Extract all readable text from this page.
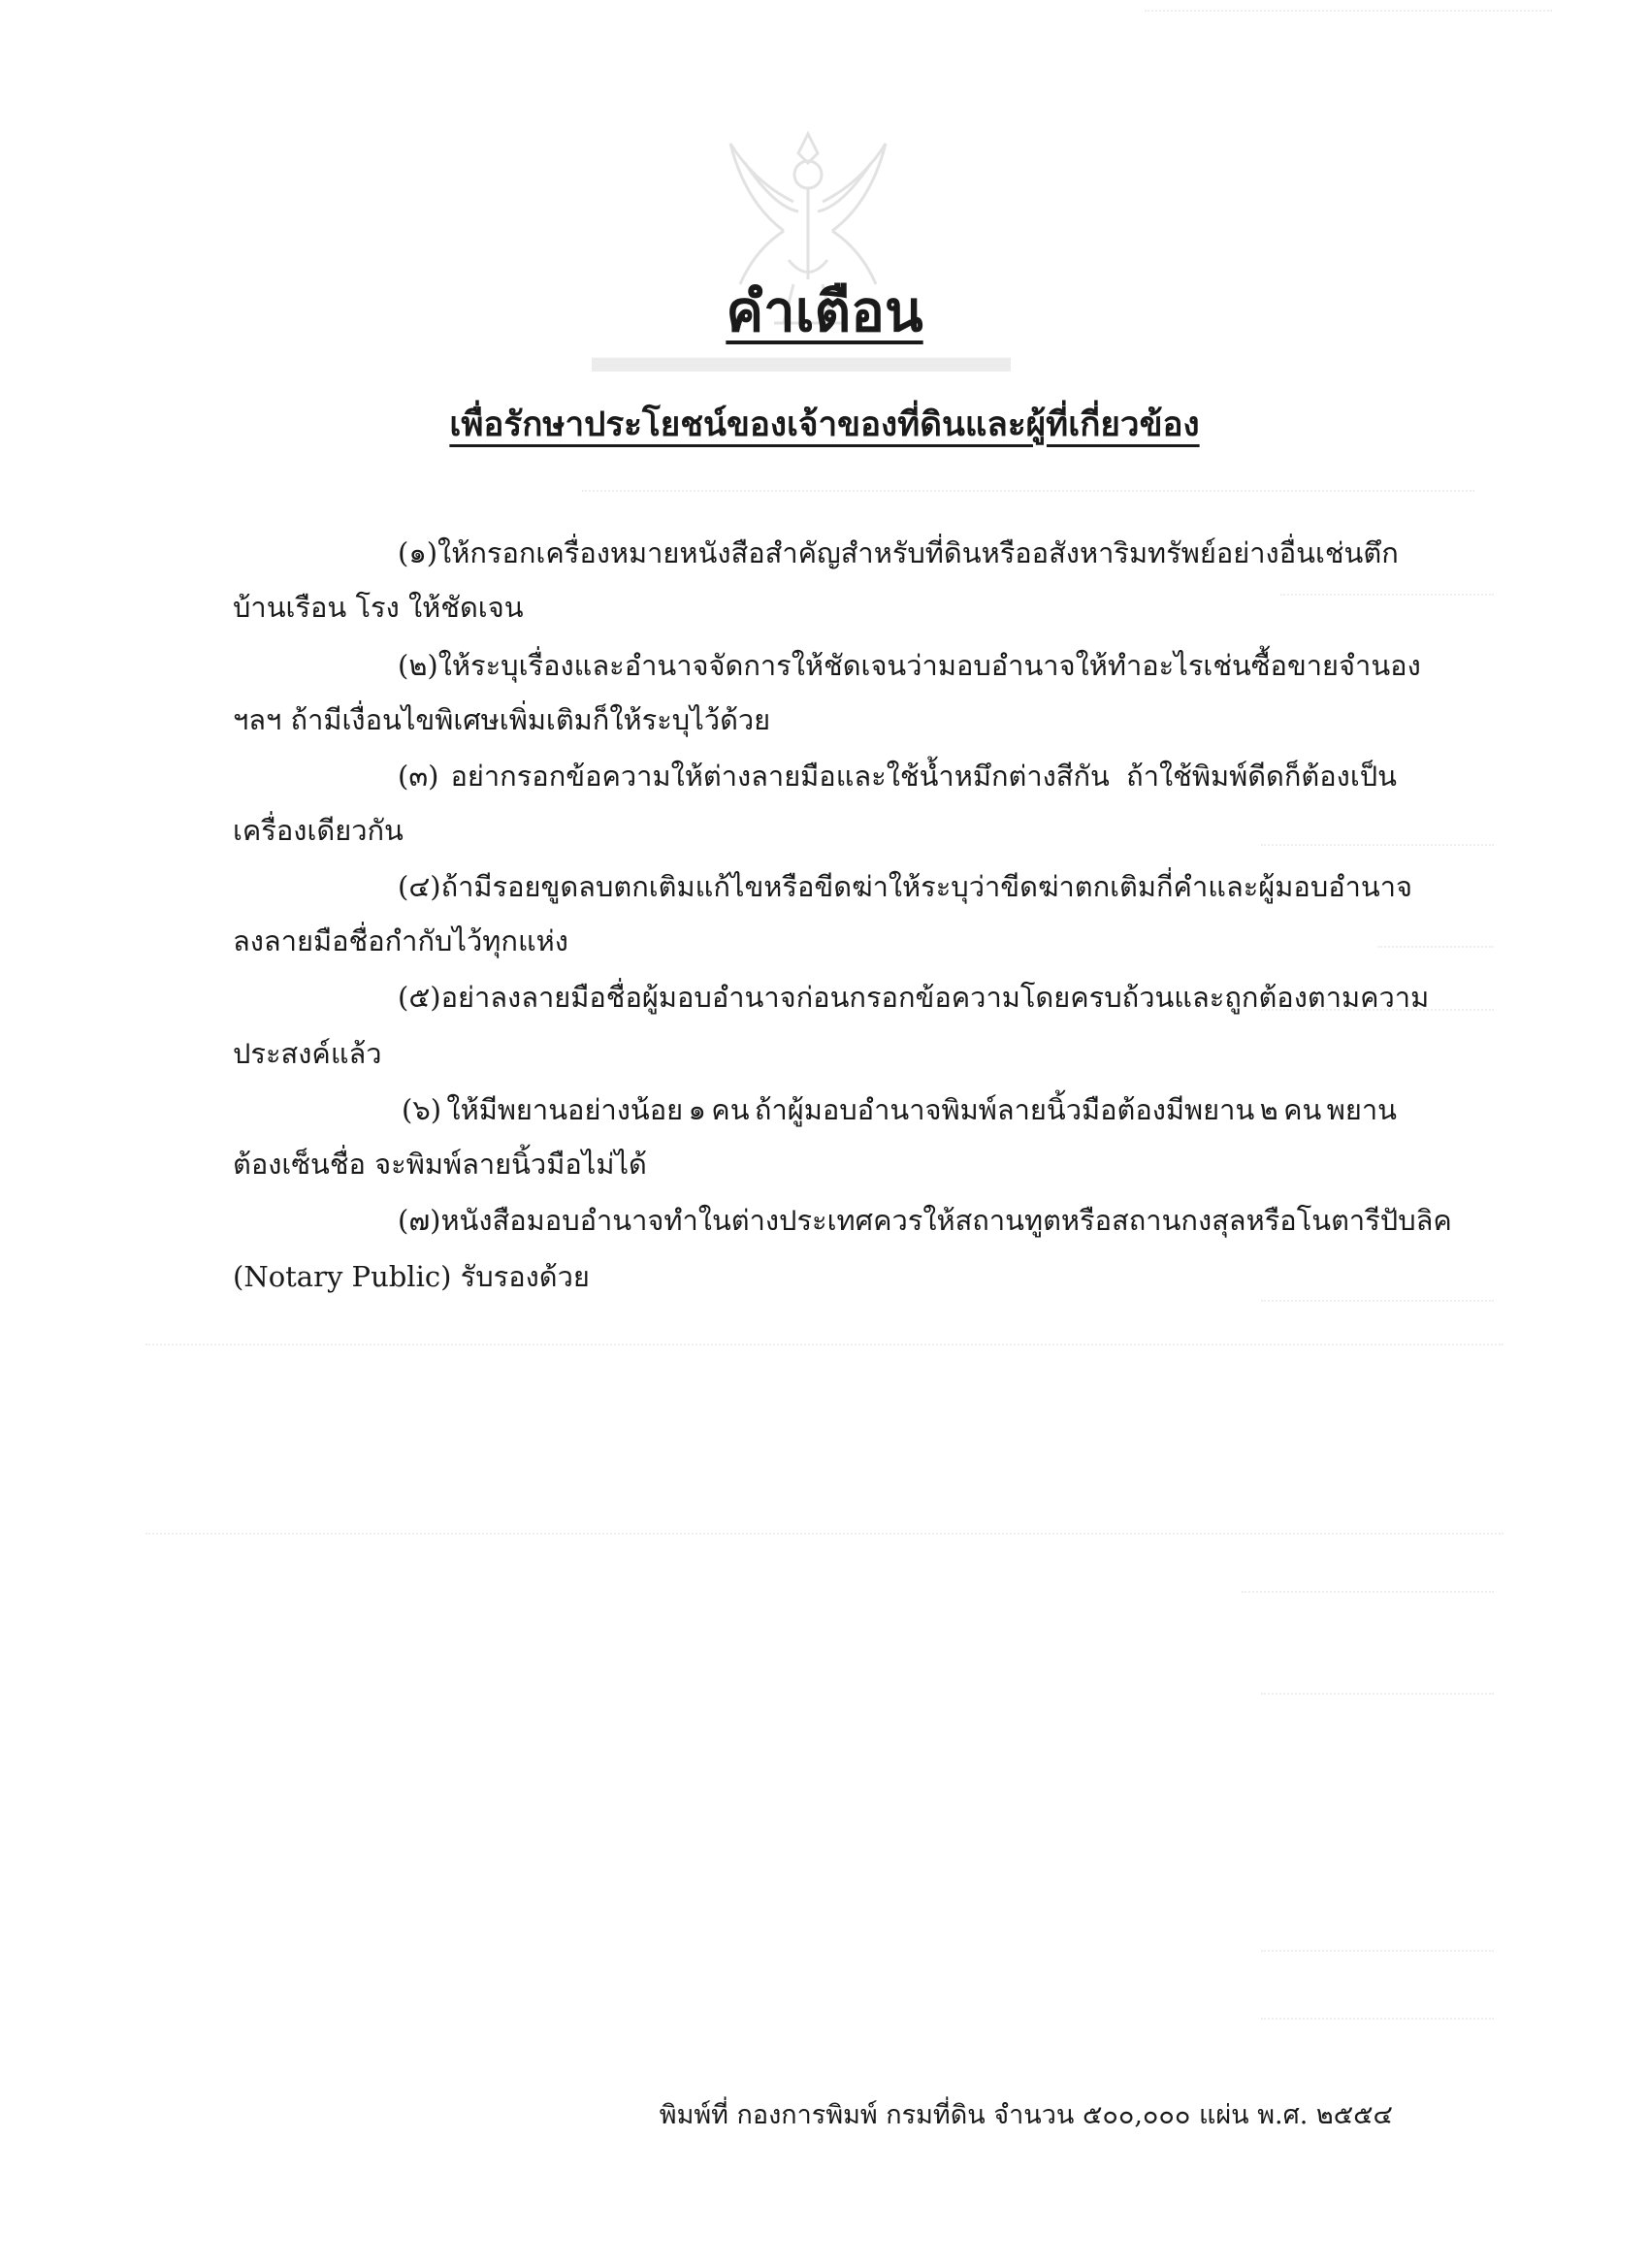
▬▬▬▬▬▬▬▬▬
คำเตือน
เพื่อรักษาประโยชน์ของเจ้าของที่ดินและผู้ที่เกี่ยวข้อง
(๑) ให้กรอกเครื่องหมายหนังสือสำคัญสำหรับที่ดินหรืออสังหาริมทรัพย์อย่างอื่น เช่น ตึก
บ้านเรือน โรง ให้ชัดเจน
(๒) ให้ระบุเรื่องและอำนาจจัดการให้ชัดเจนว่า มอบอำนาจให้ทำอะไร เช่น ซื้อ ขาย จำนอง
ฯลฯ ถ้ามีเงื่อนไขพิเศษเพิ่มเติมก็ให้ระบุไว้ด้วย
(๓) อย่ากรอกข้อความให้ต่างลายมือและใช้น้ำหมึกต่างสีกัน ถ้าใช้พิมพ์ดีดก็ต้องเป็น
เครื่องเดียวกัน
(๔) ถ้ามีรอยขูดลบ ตกเติม แก้ไข หรือขีดฆ่า ให้ระบุว่าขีดฆ่าตกเติมกี่คำ และผู้มอบอำนาจ
ลงลายมือชื่อกำกับไว้ทุกแห่ง
(๕) อย่าลงลายมือชื่อผู้มอบอำนาจก่อนกรอกข้อความโดยครบถ้วนและถูกต้องตามความ
ประสงค์แล้ว
(๖) ให้มีพยานอย่างน้อย ๑ คน ถ้าผู้มอบอำนาจพิมพ์ลายนิ้วมือต้องมีพยาน ๒ คน พยาน
ต้องเซ็นชื่อ จะพิมพ์ลายนิ้วมือไม่ได้
(๗) หนังสือมอบอำนาจทำในต่างประเทศ ควรให้สถานทูตหรือสถานกงสุล หรือโนตารีปับลิค
(Notary Public) รับรองด้วย
พิมพ์ที่ กองการพิมพ์ กรมที่ดิน จำนวน ๕๐๐,๐๐๐ แผ่น พ.ศ. ๒๕๕๔
